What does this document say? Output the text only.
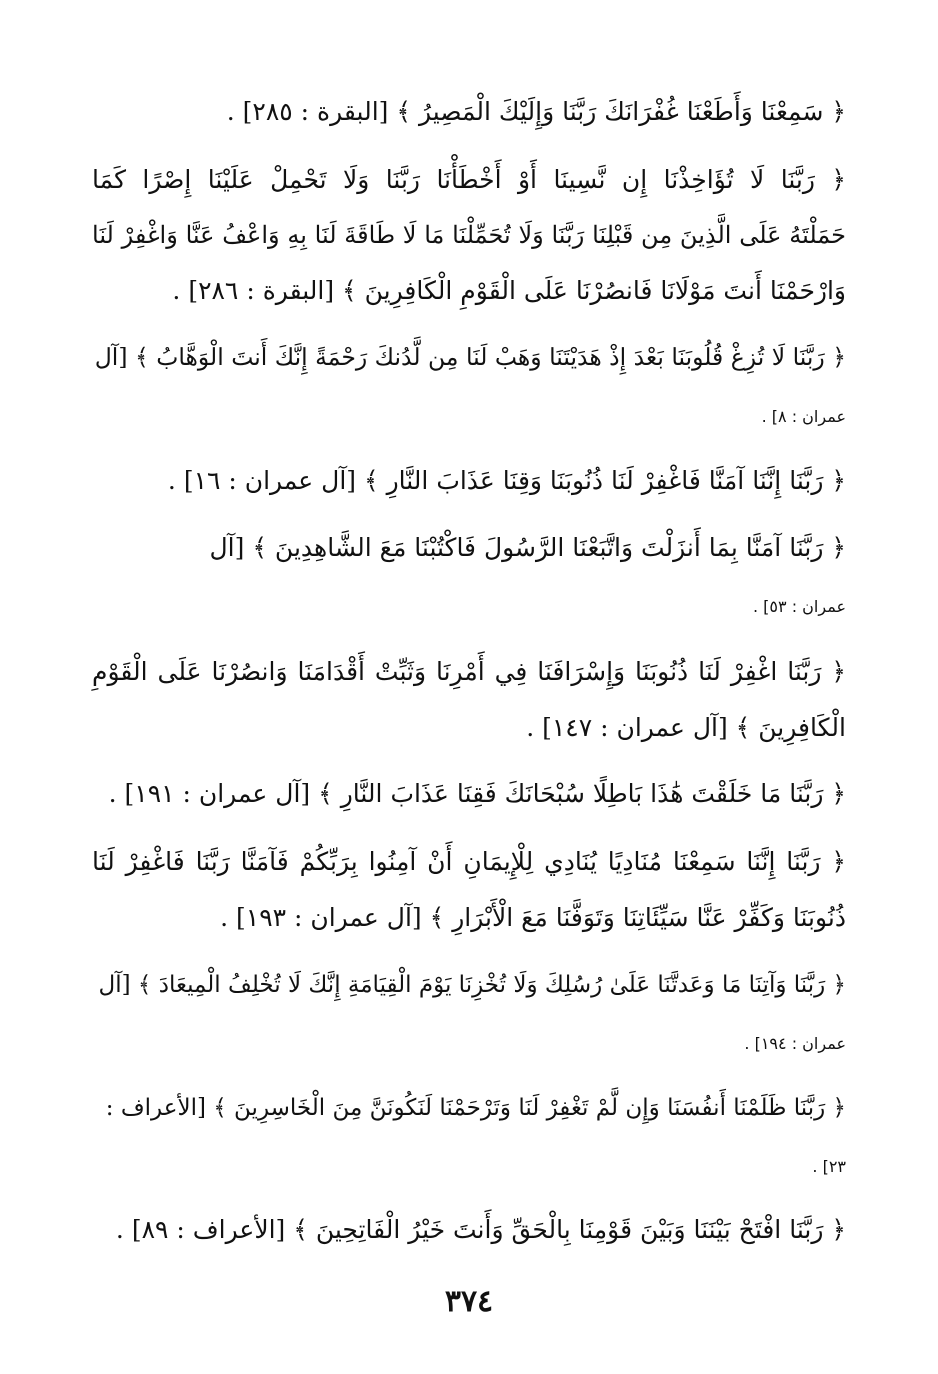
﴿ سَمِعْنَا وَأَطَعْنَا غُفْرَانَكَ رَبَّنَا وَإِلَيْكَ الْمَصِيرُ ﴾ [البقرة : ٢٨٥] .
﴿ رَبَّنَا لَا تُؤَاخِذْنَا إِن نَّسِينَا أَوْ أَخْطَأْنَا رَبَّنَا وَلَا تَحْمِلْ عَلَيْنَا إِصْرًا كَمَا
حَمَلْتَهُ عَلَى الَّذِينَ مِن قَبْلِنَا رَبَّنَا وَلَا تُحَمِّلْنَا مَا لَا طَاقَةَ لَنَا بِهِ وَاعْفُ عَنَّا وَاغْفِرْ لَنَا
وَارْحَمْنَا أَنتَ مَوْلَانَا فَانصُرْنَا عَلَى الْقَوْمِ الْكَافِرِينَ ﴾ [البقرة : ٢٨٦] .
﴿ رَبَّنَا لَا تُزِغْ قُلُوبَنَا بَعْدَ إِذْ هَدَيْتَنَا وَهَبْ لَنَا مِن لَّدُنكَ رَحْمَةً إِنَّكَ أَنتَ الْوَهَّابُ ﴾ [آل
عمران : ٨] .
﴿ رَبَّنَا إِنَّنَا آمَنَّا فَاغْفِرْ لَنَا ذُنُوبَنَا وَقِنَا عَذَابَ النَّارِ ﴾ [آل عمران : ١٦] .
﴿ رَبَّنَا آمَنَّا بِمَا أَنزَلْتَ وَاتَّبَعْنَا الرَّسُولَ فَاكْتُبْنَا مَعَ الشَّاهِدِينَ ﴾ [آل
عمران : ٥٣] .
﴿ رَبَّنَا اغْفِرْ لَنَا ذُنُوبَنَا وَإِسْرَافَنَا فِي أَمْرِنَا وَثَبِّتْ أَقْدَامَنَا وَانصُرْنَا عَلَى الْقَوْمِ
الْكَافِرِينَ ﴾ [آل عمران : ١٤٧] .
﴿ رَبَّنَا مَا خَلَقْتَ هَٰذَا بَاطِلًا سُبْحَانَكَ فَقِنَا عَذَابَ النَّارِ ﴾ [آل عمران : ١٩١] .
﴿ رَبَّنَا إِنَّنَا سَمِعْنَا مُنَادِيًا يُنَادِي لِلْإِيمَانِ أَنْ آمِنُوا بِرَبِّكُمْ فَآمَنَّا رَبَّنَا فَاغْفِرْ لَنَا
ذُنُوبَنَا وَكَفِّرْ عَنَّا سَيِّئَاتِنَا وَتَوَفَّنَا مَعَ الْأَبْرَارِ ﴾ [آل عمران : ١٩٣] .
﴿ رَبَّنَا وَآتِنَا مَا وَعَدتَّنَا عَلَىٰ رُسُلِكَ وَلَا تُخْزِنَا يَوْمَ الْقِيَامَةِ إِنَّكَ لَا تُخْلِفُ الْمِيعَادَ ﴾ [آل
عمران : ١٩٤] .
﴿ رَبَّنَا ظَلَمْنَا أَنفُسَنَا وَإِن لَّمْ تَغْفِرْ لَنَا وَتَرْحَمْنَا لَنَكُونَنَّ مِنَ الْخَاسِرِينَ ﴾ [الأعراف :
٢٣] .
﴿ رَبَّنَا افْتَحْ بَيْنَنَا وَبَيْنَ قَوْمِنَا بِالْحَقِّ وَأَنتَ خَيْرُ الْفَاتِحِينَ ﴾ [الأعراف : ٨٩] .
٣٧٤
